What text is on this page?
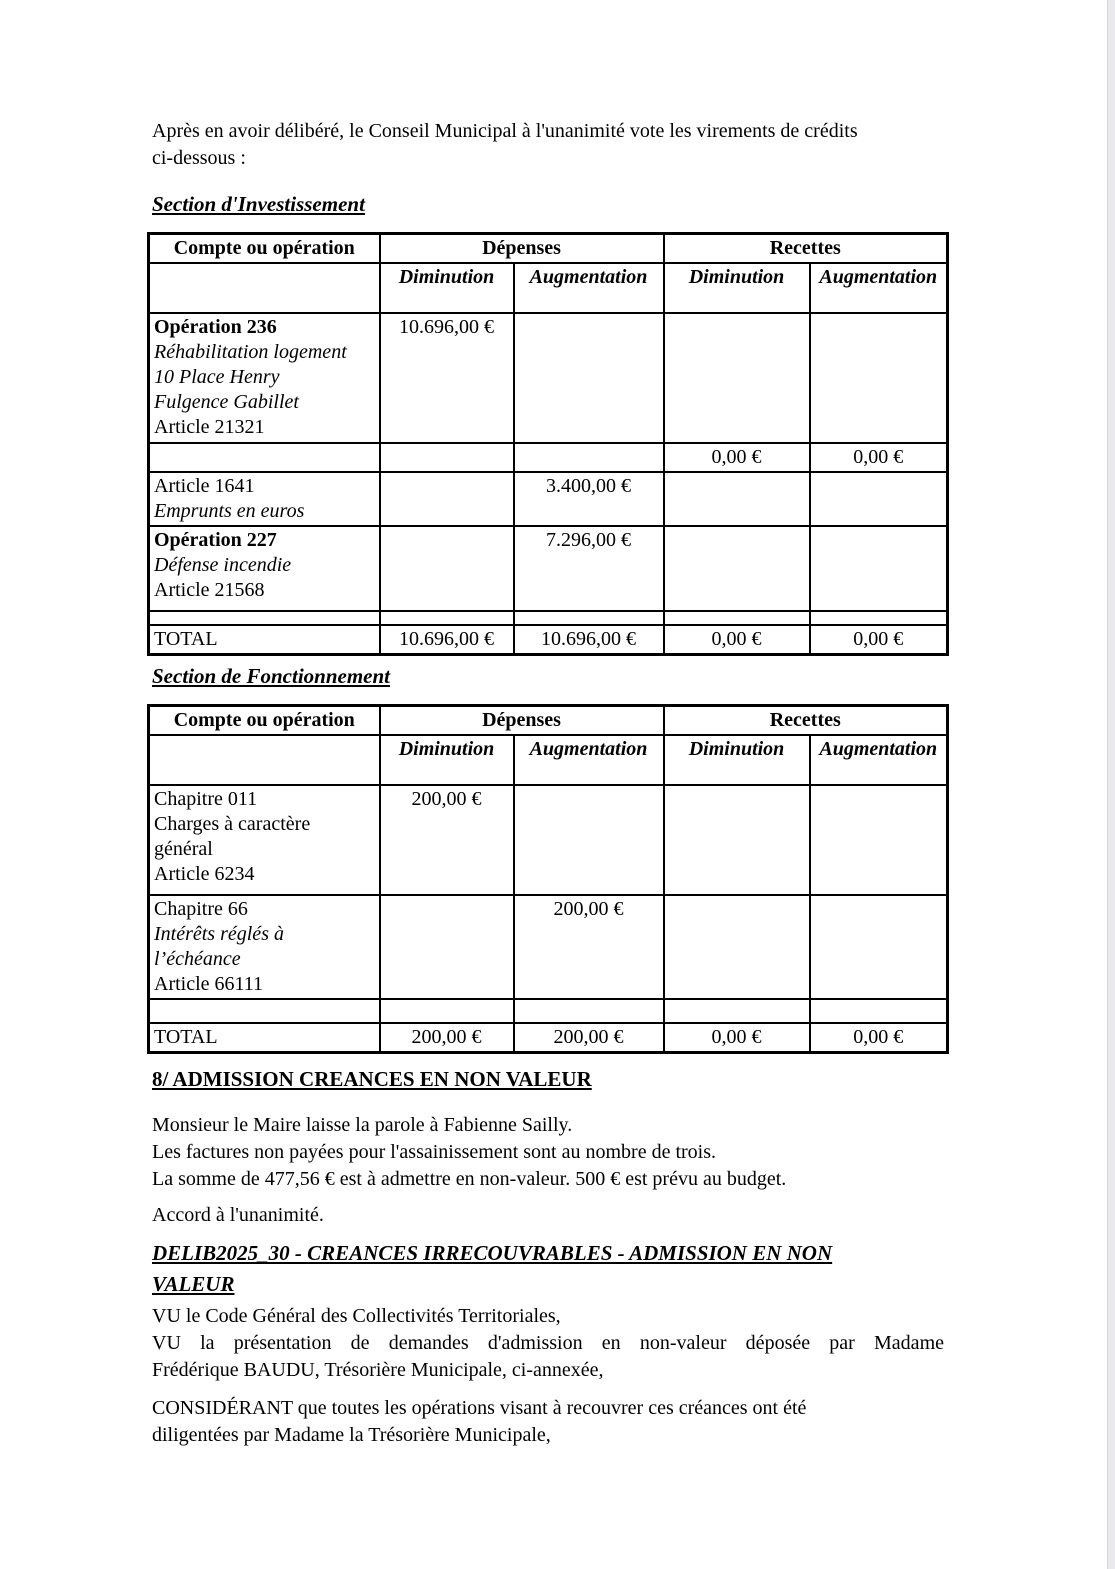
Après en avoir délibéré, le Conseil Municipal à l'unanimité vote les virements de crédits
ci-dessous :

Section d'Investissement
Compte ou opération	Dépenses		Recettes	
	Diminution	Augmentation	Diminution	Augmentation

Opération 236
Réhabilitation logement
10 Place Henry
Fulgence Gabillet
Article 21321	10.696,00 €			
			0,00 €	0,00 €

Article 1641
Emprunts en euros		3.400,00 €		

Opération 227
Défense incendie
Article 21568		7.296,00 €		

TOTAL	10.696,00 €	10.696,00 €	0,00 €	0,00 €
Section de Fonctionnement
Compte ou opération	Dépenses		Recettes	
	Diminution	Augmentation	Diminution	Augmentation

Chapitre 011
Charges à caractère
général
Article 6234	200,00 €			

Chapitre 66
Intérêts réglés à
l’échéance
Article 66111		200,00 €		

TOTAL	200,00 €	200,00 €	0,00 €	0,00 €
8/ ADMISSION CREANCES EN NON VALEUR

Monsieur le Maire laisse la parole à Fabienne Sailly.
Les factures non payées pour l'assainissement sont au nombre de trois.
La somme de 477,56 € est à admettre en non-valeur. 500 € est prévu au budget.

Accord à l'unanimité.

DELIB2025_30 - CREANCES IRRECOUVRABLES - ADMISSION EN NON
VALEUR

VU le Code Général des Collectivités Territoriales,
VU la présentation de demandes d'admission en non-valeur déposée par Madame
Frédérique BAUDU, Trésorière Municipale, ci-annexée,

CONSIDÉRANT que toutes les opérations visant à recouvrer ces créances ont été
diligentées par Madame la Trésorière Municipale,
